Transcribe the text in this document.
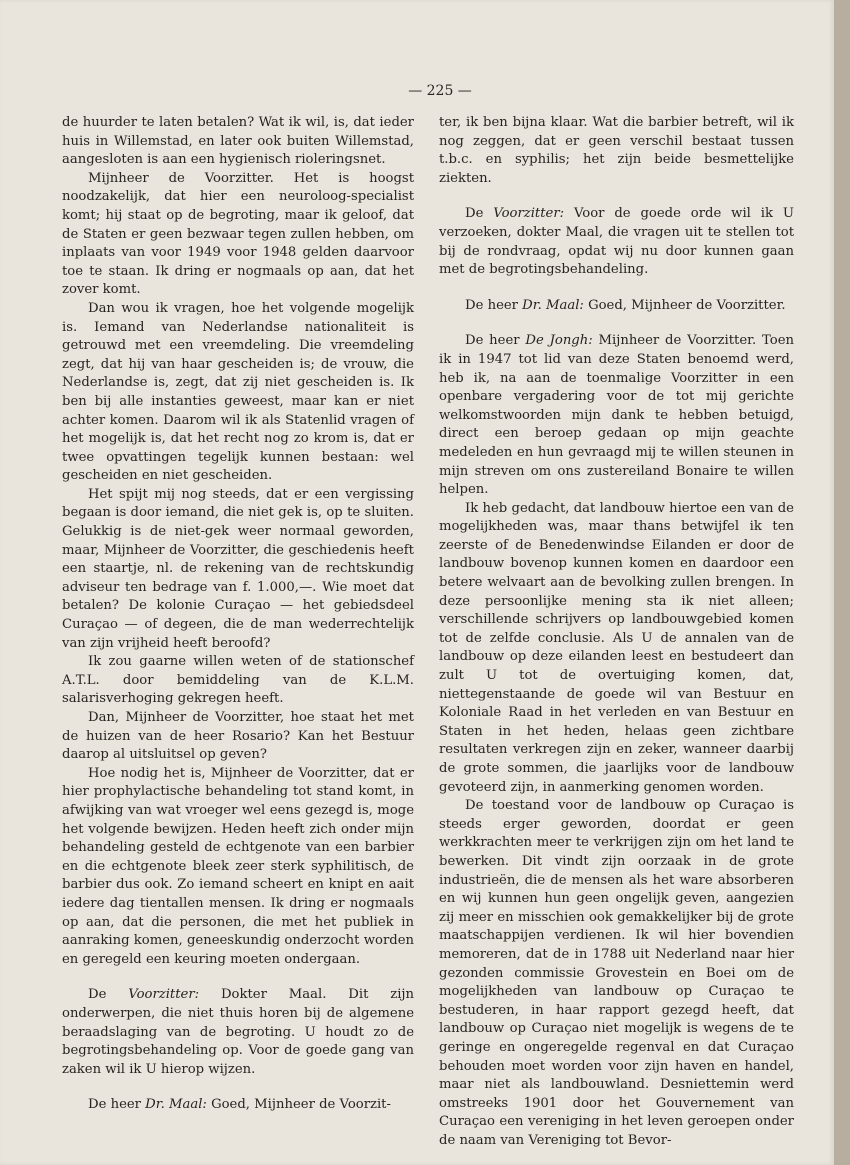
— 225 —

de huurder te laten betalen? Wat ik wil, is, dat ieder huis in Willemstad, en later ook buiten Willemstad, aangesloten is aan een hygienisch rioleringsnet.

Mijnheer de Voorzitter. Het is hoogst noodzakelijk, dat hier een neuroloog-specialist komt; hij staat op de begroting, maar ik geloof, dat de Staten er geen bezwaar tegen zullen hebben, om inplaats van voor 1949 voor 1948 gelden daarvoor toe te staan. Ik dring er nogmaals op aan, dat het zover komt.

Dan wou ik vragen, hoe het volgende mogelijk is. Iemand van Nederlandse nationaliteit is getrouwd met een vreemdeling. Die vreemdeling zegt, dat hij van haar gescheiden is; de vrouw, die Nederlandse is, zegt, dat zij niet gescheiden is. Ik ben bij alle instanties geweest, maar kan er niet achter komen. Daarom wil ik als Statenlid vragen of het mogelijk is, dat het recht nog zo krom is, dat er twee opvattingen tegelijk kunnen bestaan: wel gescheiden en niet gescheiden.

Het spijt mij nog steeds, dat er een vergissing begaan is door iemand, die niet gek is, op te sluiten. Gelukkig is de niet-gek weer normaal geworden, maar, Mijnheer de Voorzitter, die geschiedenis heeft een staartje, nl. de rekening van de rechtskundig adviseur ten bedrage van f. 1.000,—. Wie moet dat betalen? De kolonie Curaçao — het gebiedsdeel Curaçao — of degeen, die de man wederrechtelijk van zijn vrijheid heeft beroofd?

Ik zou gaarne willen weten of de stationschef A.T.L. door bemiddeling van de K.L.M. salarisverhoging gekregen heeft.

Dan, Mijnheer de Voorzitter, hoe staat het met de huizen van de heer Rosario? Kan het Bestuur daarop al uitsluitsel op geven?

Hoe nodig het is, Mijnheer de Voorzitter, dat er hier prophylactische behandeling tot stand komt, in afwijking van wat vroeger wel eens gezegd is, moge het volgende bewijzen. Heden heeft zich onder mijn behandeling gesteld de echtgenote van een barbier en die echtgenote bleek zeer sterk syphilitisch, de barbier dus ook. Zo iemand scheert en knipt en aait iedere dag tientallen mensen. Ik dring er nogmaals op aan, dat die personen, die met het publiek in aanraking komen, geneeskundig onderzocht worden en geregeld een keuring moeten ondergaan.

De Voorzitter: Dokter Maal. Dit zijn onderwerpen, die niet thuis horen bij de algemene beraadslaging van de begroting. U houdt zo de begrotingsbehandeling op. Voor de goede gang van zaken wil ik U hierop wijzen.

De heer Dr. Maal: Goed, Mijnheer de Voorzit-

ter, ik ben bijna klaar. Wat die barbier betreft, wil ik nog zeggen, dat er geen verschil bestaat tussen t.b.c. en syphilis; het zijn beide besmettelijke ziekten.

De Voorzitter: Voor de goede orde wil ik U verzoeken, dokter Maal, die vragen uit te stellen tot bij de rondvraag, opdat wij nu door kunnen gaan met de begrotingsbehandeling.

De heer Dr. Maal: Goed, Mijnheer de Voorzitter.

De heer De Jongh: Mijnheer de Voorzitter. Toen ik in 1947 tot lid van deze Staten benoemd werd, heb ik, na aan de toenmalige Voorzitter in een openbare vergadering voor de tot mij gerichte welkomstwoorden mijn dank te hebben betuigd, direct een beroep gedaan op mijn geachte medeleden en hun gevraagd mij te willen steunen in mijn streven om ons zustereiland Bonaire te willen helpen.

Ik heb gedacht, dat landbouw hiertoe een van de mogelijkheden was, maar thans betwijfel ik ten zeerste of de Benedenwindse Eilanden er door de landbouw bovenop kunnen komen en daardoor een betere welvaart aan de bevolking zullen brengen. In deze persoonlijke mening sta ik niet alleen; verschillende schrijvers op landbouwgebied komen tot de zelfde conclusie. Als U de annalen van de landbouw op deze eilanden leest en bestudeert dan zult U tot de overtuiging komen, dat, niettegenstaande de goede wil van Bestuur en Koloniale Raad in het verleden en van Bestuur en Staten in het heden, helaas geen zichtbare resultaten verkregen zijn en zeker, wanneer daarbij de grote sommen, die jaarlijks voor de landbouw gevoteerd zijn, in aanmerking genomen worden.

De toestand voor de landbouw op Curaçao is steeds erger geworden, doordat er geen werkkrachten meer te verkrijgen zijn om het land te bewerken. Dit vindt zijn oorzaak in de grote industrieën, die de mensen als het ware absorberen en wij kunnen hun geen ongelijk geven, aangezien zij meer en misschien ook gemakkelijker bij de grote maatschappijen verdienen. Ik wil hier bovendien memoreren, dat de in 1788 uit Nederland naar hier gezonden commissie Grovestein en Boei om de mogelijkheden van landbouw op Curaçao te bestuderen, in haar rapport gezegd heeft, dat landbouw op Curaçao niet mogelijk is wegens de te geringe en ongeregelde regenval en dat Curaçao behouden moet worden voor zijn haven en handel, maar niet als landbouwland. Desniettemin werd omstreeks 1901 door het Gouvernement van Curaçao een vereniging in het leven geroepen onder de naam van Vereniging tot Bevor-
